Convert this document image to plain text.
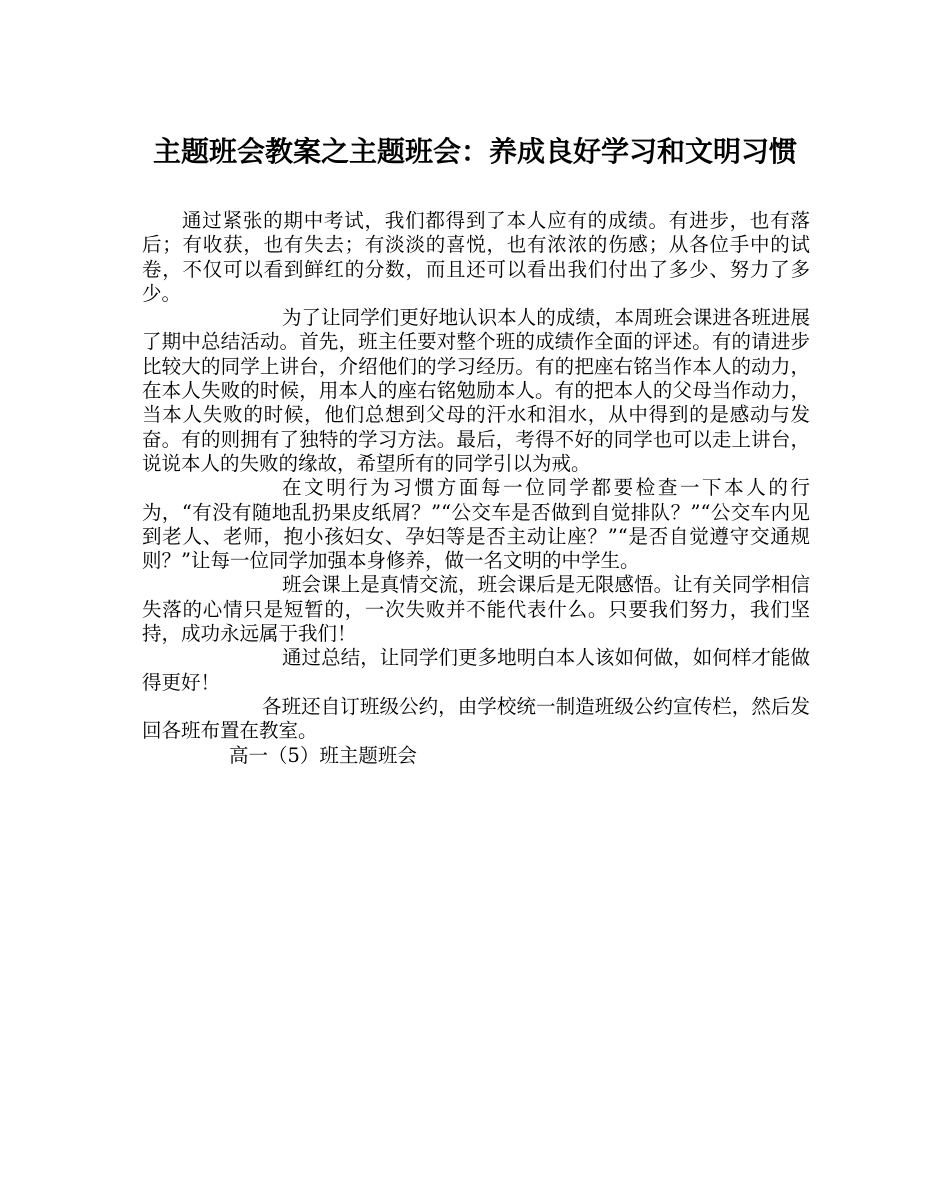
主题班会教案之主题班会：养成良好学习和文明习惯

通过紧张的期中考试，我们都得到了本人应有的成绩。有进步，也有落后；有收获，也有失去；有淡淡的喜悦，也有浓浓的伤感；从各位手中的试卷，不仅可以看到鲜红的分数，而且还可以看出我们付出了多少、努力了多少。

为了让同学们更好地认识本人的成绩，本周班会课进各班进展了期中总结活动。首先，班主任要对整个班的成绩作全面的评述。有的请进步比较大的同学上讲台，介绍他们的学习经历。有的把座右铭当作本人的动力，在本人失败的时候，用本人的座右铭勉励本人。有的把本人的父母当作动力，当本人失败的时候，他们总想到父母的汗水和泪水，从中得到的是感动与发奋。有的则拥有了独特的学习方法。最后，考得不好的同学也可以走上讲台，说说本人的失败的缘故，希望所有的同学引以为戒。

在文明行为习惯方面每一位同学都要检查一下本人的行为，“有没有随地乱扔果皮纸屑？”“公交车是否做到自觉排队？”“公交车内见到老人、老师，抱小孩妇女、孕妇等是否主动让座？”“是否自觉遵守交通规则？”让每一位同学加强本身修养，做一名文明的中学生。

班会课上是真情交流，班会课后是无限感悟。让有关同学相信失落的心情只是短暂的，一次失败并不能代表什么。只要我们努力，我们坚持，成功永远属于我们！

通过总结，让同学们更多地明白本人该如何做，如何样才能做得更好！

各班还自订班级公约，由学校统一制造班级公约宣传栏，然后发回各班布置在教室。

高一（5）班主题班会
